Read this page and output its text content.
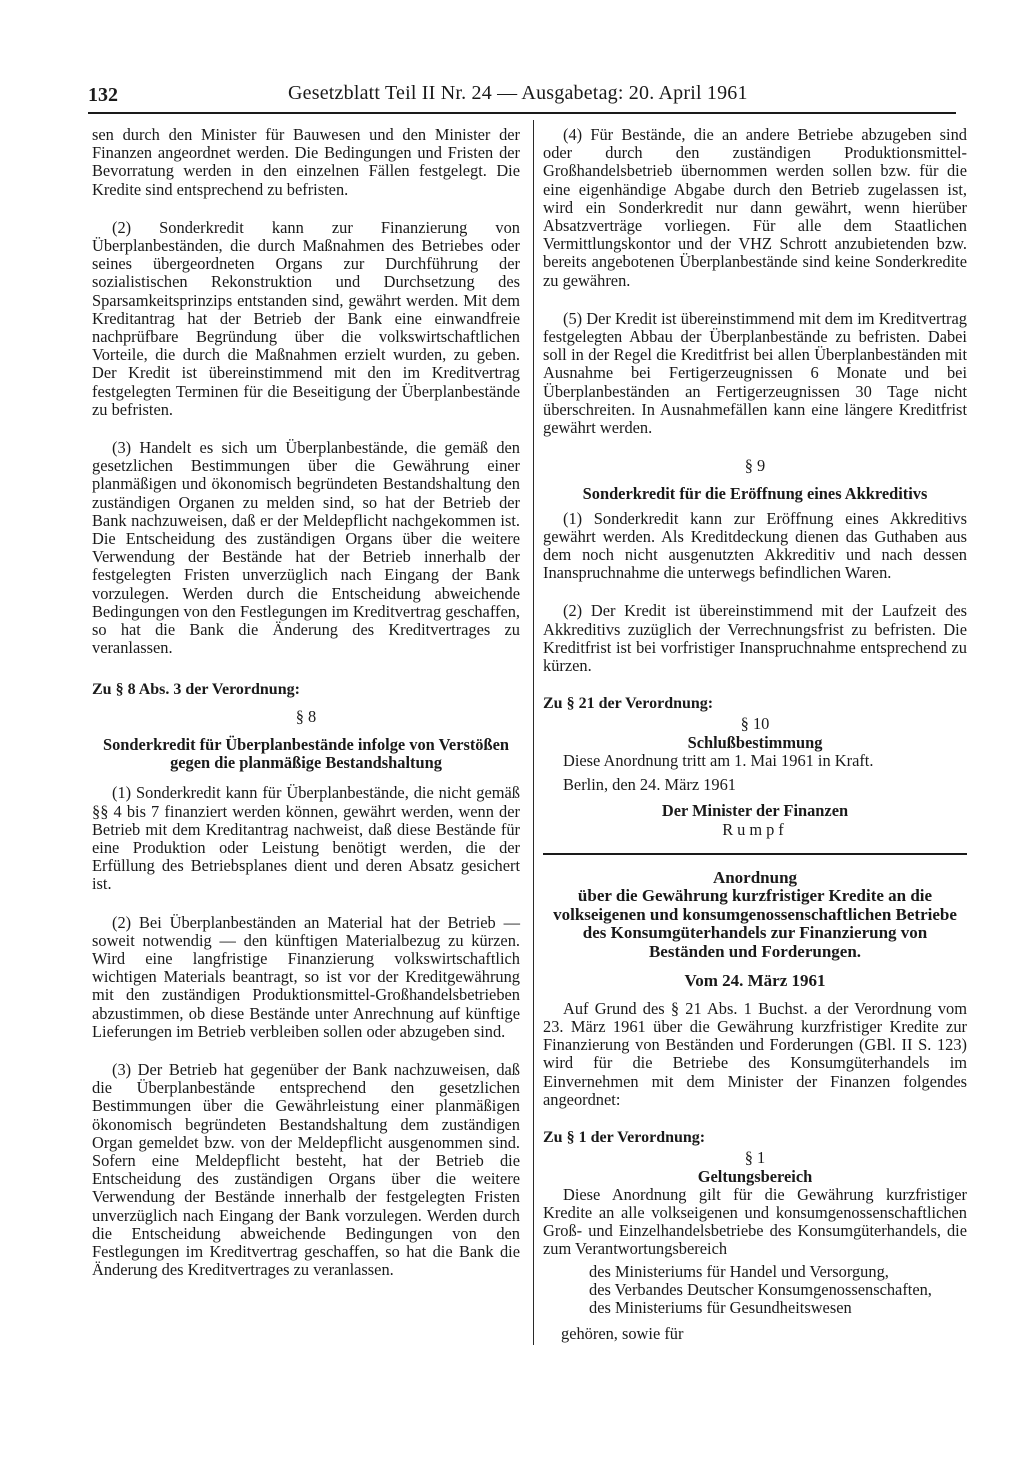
132	Gesetzblatt Teil II Nr. 24 — Ausgabetag: 20. April 1961

sen durch den Minister für Bauwesen und den Minister der Finanzen angeordnet werden. Die Bedingungen und Fristen der Bevorratung werden in den einzelnen Fällen festgelegt. Die Kredite sind entsprechend zu befristen.

(2) Sonderkredit kann zur Finanzierung von Überplanbeständen, die durch Maßnahmen des Betriebes oder seines übergeordneten Organs zur Durchführung der sozialistischen Rekonstruktion und Durchsetzung des Sparsamkeitsprinzips entstanden sind, gewährt werden. Mit dem Kreditantrag hat der Betrieb der Bank eine einwandfreie nachprüfbare Begründung über die volkswirtschaftlichen Vorteile, die durch die Maßnahmen erzielt wurden, zu geben. Der Kredit ist übereinstimmend mit den im Kreditvertrag festgelegten Terminen für die Beseitigung der Überplanbestände zu befristen.

(3) Handelt es sich um Überplanbestände, die gemäß den gesetzlichen Bestimmungen über die Gewährung einer planmäßigen und ökonomisch begründeten Bestandshaltung den zuständigen Organen zu melden sind, so hat der Betrieb der Bank nachzuweisen, daß er der Meldepflicht nachgekommen ist. Die Entscheidung des zuständigen Organs über die weitere Verwendung der Bestände hat der Betrieb innerhalb der festgelegten Fristen unverzüglich nach Eingang der Bank vorzulegen. Werden durch die Entscheidung abweichende Bedingungen von den Festlegungen im Kreditvertrag geschaffen, so hat die Bank die Änderung des Kreditvertrages zu veranlassen.

Zu § 8 Abs. 3 der Verordnung:
§ 8
Sonderkredit für Überplanbestände infolge von Verstößen gegen die planmäßige Bestandshaltung

(1) Sonderkredit kann für Überplanbestände, die nicht gemäß §§ 4 bis 7 finanziert werden können, gewährt werden, wenn der Betrieb mit dem Kreditantrag nachweist, daß diese Bestände für eine Produktion oder Leistung benötigt werden, die der Erfüllung des Betriebsplanes dient und deren Absatz gesichert ist.

(2) Bei Überplanbeständen an Material hat der Betrieb — soweit notwendig — den künftigen Materialbezug zu kürzen. Wird eine langfristige Finanzierung volkswirtschaftlich wichtigen Materials beantragt, so ist vor der Kreditgewährung mit den zuständigen Produktionsmittel-Großhandelsbetrieben abzustimmen, ob diese Bestände unter Anrechnung auf künftige Lieferungen im Betrieb verbleiben sollen oder abzugeben sind.

(3) Der Betrieb hat gegenüber der Bank nachzuweisen, daß die Überplanbestände entsprechend den gesetzlichen Bestimmungen über die Gewährleistung einer planmäßigen ökonomisch begründeten Bestandshaltung dem zuständigen Organ gemeldet bzw. von der Meldepflicht ausgenommen sind. Sofern eine Meldepflicht besteht, hat der Betrieb die Entscheidung des zuständigen Organs über die weitere Verwendung der Bestände innerhalb der festgelegten Fristen unverzüglich nach Eingang der Bank vorzulegen. Werden durch die Entscheidung abweichende Bedingungen von den Festlegungen im Kreditvertrag geschaffen, so hat die Bank die Änderung des Kreditvertrages zu veranlassen.

(4) Für Bestände, die an andere Betriebe abzugeben sind oder durch den zuständigen Produktionsmittel-Großhandelsbetrieb übernommen werden sollen bzw. für die eine eigenhändige Abgabe durch den Betrieb zugelassen ist, wird ein Sonderkredit nur dann gewährt, wenn hierüber Absatzverträge vorliegen. Für alle dem Staatlichen Vermittlungskontor und der VHZ Schrott anzubietenden bzw. bereits angebotenen Überplanbestände sind keine Sonderkredite zu gewähren.

(5) Der Kredit ist übereinstimmend mit dem im Kreditvertrag festgelegten Abbau der Überplanbestände zu befristen. Dabei soll in der Regel die Kreditfrist bei allen Überplanbeständen mit Ausnahme bei Fertigerzeugnissen 6 Monate und bei Überplanbeständen an Fertigerzeugnissen 30 Tage nicht überschreiten. In Ausnahmefällen kann eine längere Kreditfrist gewährt werden.

§ 9
Sonderkredit für die Eröffnung eines Akkreditivs

(1) Sonderkredit kann zur Eröffnung eines Akkreditivs gewährt werden. Als Kreditdeckung dienen das Guthaben aus dem noch nicht ausgenutzten Akkreditiv und nach dessen Inanspruchnahme die unterwegs befindlichen Waren.

(2) Der Kredit ist übereinstimmend mit der Laufzeit des Akkreditivs zuzüglich der Verrechnungsfrist zu befristen. Die Kreditfrist ist bei vorfristiger Inanspruchnahme entsprechend zu kürzen.

Zu § 21 der Verordnung:
§ 10
Schlußbestimmung

Diese Anordnung tritt am 1. Mai 1961 in Kraft.

Berlin, den 24. März 1961

Der Minister der Finanzen
Rumpf
Anordnung
über die Gewährung kurzfristiger Kredite an die volkseigenen und konsumgenossenschaftlichen Betriebe des Konsumgüterhandels zur Finanzierung von Beständen und Forderungen.
Vom 24. März 1961

Auf Grund des § 21 Abs. 1 Buchst. a der Verordnung vom 23. März 1961 über die Gewährung kurzfristiger Kredite zur Finanzierung von Beständen und Forderungen (GBl. II S. 123) wird für die Betriebe des Konsumgüterhandels im Einvernehmen mit dem Minister der Finanzen folgendes angeordnet:

Zu § 1 der Verordnung:
§ 1
Geltungsbereich

Diese Anordnung gilt für die Gewährung kurzfristiger Kredite an alle volkseigenen und konsumgenossenschaftlichen Groß- und Einzelhandelsbetriebe des Konsumgüterhandels, die zum Verantwortungsbereich

des Ministeriums für Handel und Versorgung,
des Verbandes Deutscher Konsumgenossenschaften,
des Ministeriums für Gesundheitswesen
gehören, sowie für
